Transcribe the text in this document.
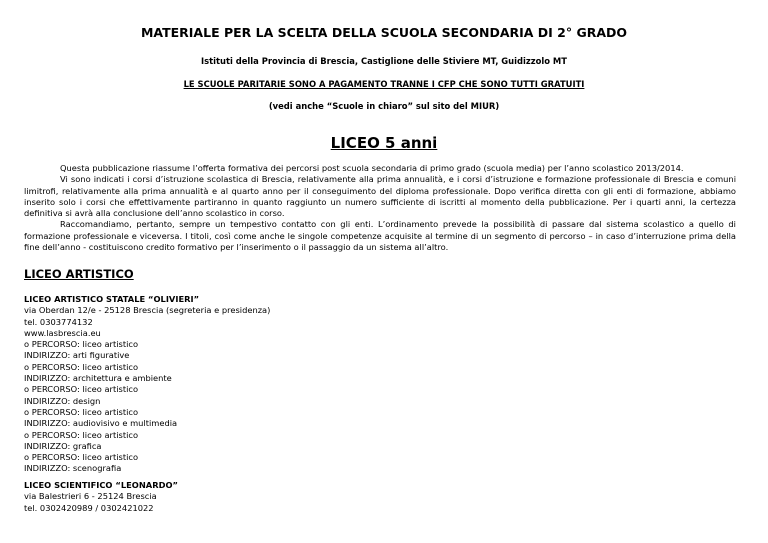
MATERIALE PER LA SCELTA DELLA SCUOLA SECONDARIA DI 2° GRADO
Istituti della Provincia di Brescia, Castiglione delle Stiviere MT, Guidizzolo MT
LE SCUOLE PARITARIE SONO A PAGAMENTO TRANNE I CFP CHE SONO TUTTI GRATUITI
(vedi anche “Scuole in chiaro” sul sito del MIUR)
LICEO 5 anni

Questa pubblicazione riassume l’offerta formativa dei percorsi post scuola secondaria di primo grado (scuola media) per l’anno scolastico 2013/2014.

Vi sono indicati i corsi d’istruzione scolastica di Brescia, relativamente alla prima annualità, e i corsi d’istruzione e formazione professionale di Brescia e comuni limitrofi, relativamente alla prima annualità e al quarto anno per il conseguimento del diploma professionale. Dopo verifica diretta con gli enti di formazione, abbiamo inserito solo i corsi che effettivamente partiranno in quanto raggiunto un numero sufficiente di iscritti al momento della pubblicazione. Per i quarti anni, la certezza definitiva si avrà alla conclusione dell’anno scolastico in corso.

Raccomandiamo, pertanto, sempre un tempestivo contatto con gli enti. L’ordinamento prevede la possibilità di passare dal sistema scolastico a quello di formazione professionale e viceversa. I titoli, così come anche le singole competenze acquisite al termine di un segmento di percorso – in caso d’interruzione prima della fine dell’anno - costituiscono credito formativo per l’inserimento o il passaggio da un sistema all’altro.

LICEO ARTISTICO
LICEO ARTISTICO STATALE “OLIVIERI”
via Oberdan 12/e - 25128 Brescia (segreteria e presidenza)
tel. 0303774132
www.lasbrescia.eu
o PERCORSO: liceo artistico
INDIRIZZO: arti figurative
o PERCORSO: liceo artistico
INDIRIZZO: architettura e ambiente
o PERCORSO: liceo artistico
INDIRIZZO: design
o PERCORSO: liceo artistico
INDIRIZZO: audiovisivo e multimedia
o PERCORSO: liceo artistico
INDIRIZZO: grafica
o PERCORSO: liceo artistico
INDIRIZZO: scenografia
LICEO SCIENTIFICO “LEONARDO”
via Balestrieri 6 - 25124 Brescia
tel. 0302420989 / 0302421022
